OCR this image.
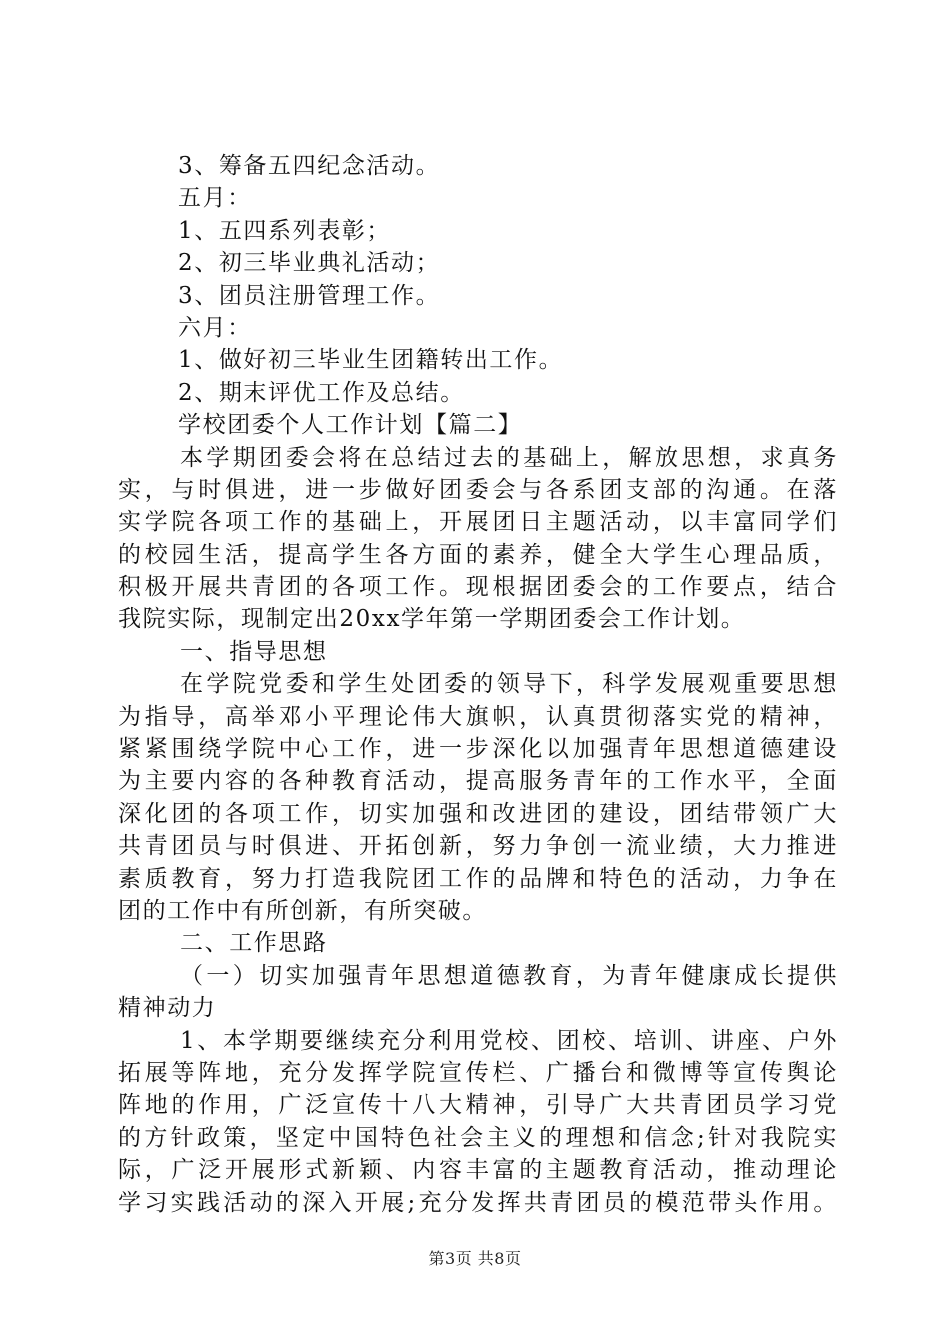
3、筹备五四纪念活动。
五月：
1、五四系列表彰；
2、初三毕业典礼活动；
3、团员注册管理工作。
六月：
1、做好初三毕业生团籍转出工作。
2、期末评优工作及总结。
学校团委个人工作计划【篇二】
本学期团委会将在总结过去的基础上，解放思想，求真务
实，与时俱进，进一步做好团委会与各系团支部的沟通。在落
实学院各项工作的基础上，开展团日主题活动，以丰富同学们
的校园生活，提高学生各方面的素养，健全大学生心理品质，
积极开展共青团的各项工作。现根据团委会的工作要点，结合
我院实际，现制定出20xx学年第一学期团委会工作计划。
一、指导思想
在学院党委和学生处团委的领导下，科学发展观重要思想
为指导，高举邓小平理论伟大旗帜，认真贯彻落实党的精神，
紧紧围绕学院中心工作，进一步深化以加强青年思想道德建设
为主要内容的各种教育活动，提高服务青年的工作水平，全面
深化团的各项工作，切实加强和改进团的建设，团结带领广大
共青团员与时俱进、开拓创新，努力争创一流业绩，大力推进
素质教育，努力打造我院团工作的品牌和特色的活动，力争在
团的工作中有所创新，有所突破。
二、工作思路
（一）切实加强青年思想道德教育，为青年健康成长提供
精神动力
1、本学期要继续充分利用党校、团校、培训、讲座、户外
拓展等阵地，充分发挥学院宣传栏、广播台和微博等宣传舆论
阵地的作用，广泛宣传十八大精神，引导广大共青团员学习党
的方针政策，坚定中国特色社会主义的理想和信念;针对我院实
际，广泛开展形式新颖、内容丰富的主题教育活动，推动理论
学习实践活动的深入开展;充分发挥共青团员的模范带头作用。
第3页 共8页
